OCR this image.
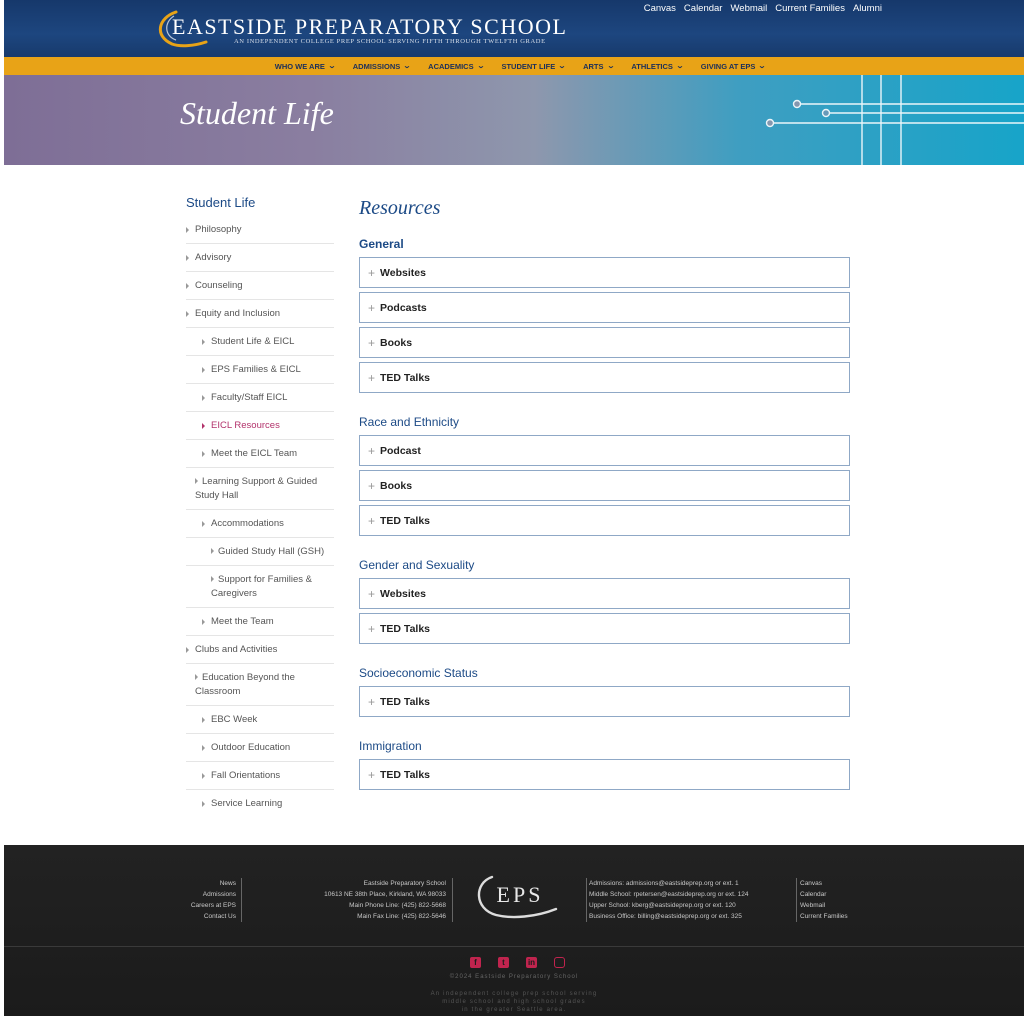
EASTSIDE PREPARATORY SCHOOL
AN INDEPENDENT COLLEGE PREP SCHOOL SERVING FIFTH THROUGH TWELFTH GRADE
Canvas Calendar Webmail Current Families Alumni
WHO WE ARE ⌄ ADMISSIONS ⌄ ACADEMICS ⌄ STUDENT LIFE ⌄ ARTS ⌄ ATHLETICS ⌄ GIVING AT EPS ⌄
Student Life
Student Life
Philosophy
Advisory
Counseling
Equity and Inclusion
Student Life & EICL
EPS Families & EICL
Faculty/Staff EICL
EICL Resources
Meet the EICL Team
Learning Support & Guided Study Hall
Accommodations
Guided Study Hall (GSH)
Support for Families & Caregivers
Meet the Team
Clubs and Activities
Education Beyond the Classroom
EBC Week
Outdoor Education
Fall Orientations
Service Learning
Resources
General
+ Websites
+ Podcasts
+ Books
+ TED Talks
Race and Ethnicity
+ Podcast
+ Books
+ TED Talks
Gender and Sexuality
+ Websites
+ TED Talks
Socioeconomic Status
+ TED Talks
Immigration
+ TED Talks
News
Admissions
Careers at EPS
Contact Us
Eastside Preparatory School
10613 NE 38th Place, Kirkland, WA 98033
Main Phone Line: (425) 822-5668
Main Fax Line: (425) 822-5646
EPS	Admissions: admissions@eastsideprep.org or ext. 1
Middle School: rpetersen@eastsideprep.org or ext. 124
Upper School: kberg@eastsideprep.org or ext. 120
Business Office: billing@eastsideprep.org or ext. 325
Canvas
Calendar
Webmail
Current Families
f	t	in
©2024 Eastside Preparatory School
An independent college prep school serving
middle school and high school grades
in the greater Seattle area.
